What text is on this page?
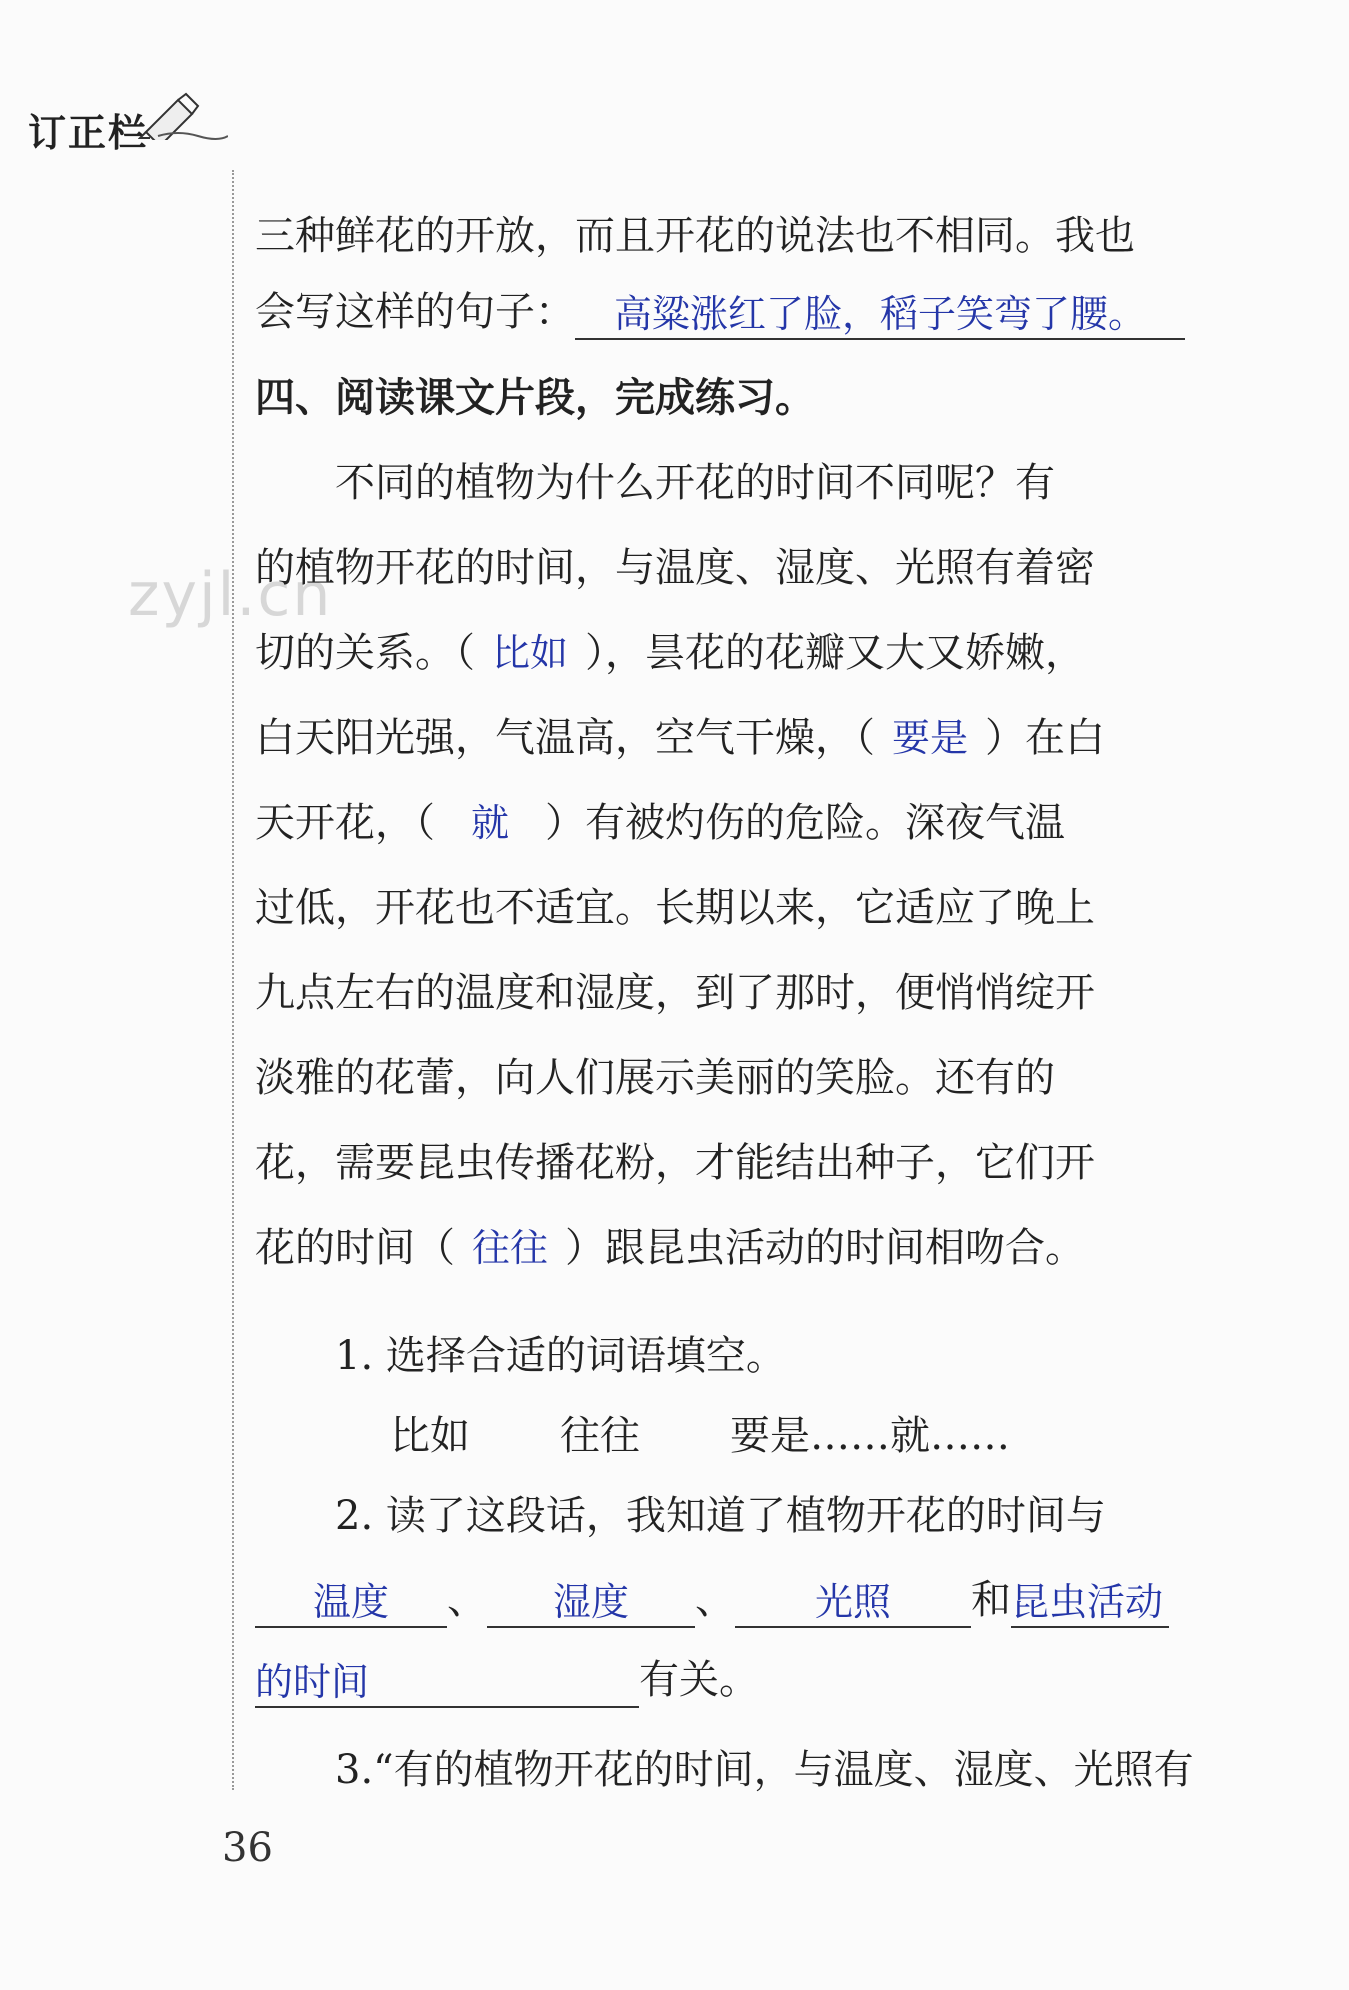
订正栏
zyjl.cn
三种鲜花的开放，而且开花的说法也不相同。我也
会写这样的句子： 高粱涨红了脸，稻子笑弯了腰。
四、阅读课文片段，完成练习。
　　不同的植物为什么开花的时间不同呢？有
的植物开花的时间，与温度、湿度、光照有着密
切的关系。（ 比如 ），昙花的花瓣又大又娇嫩，
白天阳光强，气温高，空气干燥，（ 要是 ）在白
天开花，（ 就 ）有被灼伤的危险。深夜气温
过低，开花也不适宜。长期以来，它适应了晚上
九点左右的温度和湿度，到了那时，便悄悄绽开
淡雅的花蕾，向人们展示美丽的笑脸。还有的
花，需要昆虫传播花粉，才能结出种子，它们开
花的时间（ 往往 ）跟昆虫活动的时间相吻合。
1. 选择合适的词语填空。
比如 往往 要是……就……
2. 读了这段话，我知道了植物开花的时间与
温度 、 湿度 、 光照 和昆虫活动
的时间	有关。
3.“有的植物开花的时间，与温度、湿度、光照有
36
